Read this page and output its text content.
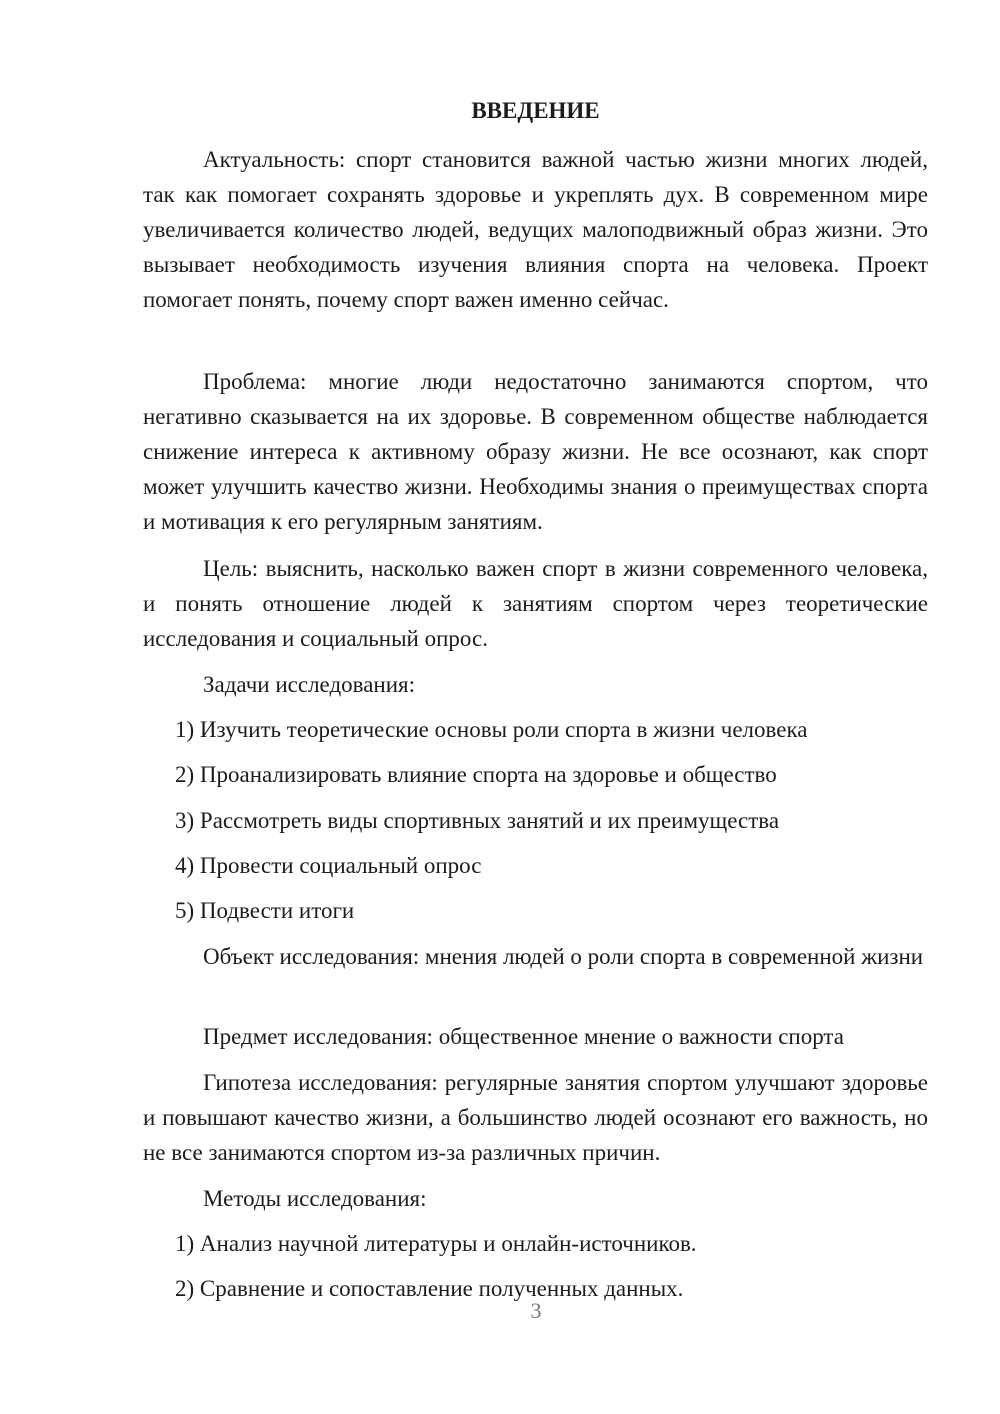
ВВЕДЕНИЕ

Актуальность: спорт становится важной частью жизни многих людей, так как помогает сохранять здоровье и укреплять дух. В современном мире увеличивается количество людей, ведущих малоподвижный образ жизни. Это вызывает необходимость изучения влияния спорта на человека. Проект помогает понять, почему спорт важен именно сейчас.

Проблема: многие люди недостаточно занимаются спортом, что негативно сказывается на их здоровье. В современном обществе наблюдается снижение интереса к активному образу жизни. Не все осознают, как спорт может улучшить качество жизни. Необходимы знания о преимуществах спорта и мотивация к его регулярным занятиям.

Цель: выяснить, насколько важен спорт в жизни современного человека, и понять отношение людей к занятиям спортом через теоретические исследования и социальный опрос.

Задачи исследования:
1) Изучить теоретические основы роли спорта в жизни человека
2) Проанализировать влияние спорта на здоровье и общество
3) Рассмотреть виды спортивных занятий и их преимущества
4) Провести социальный опрос
5) Подвести итоги

Объект исследования: мнения людей о роли спорта в современной жизни

Предмет исследования: общественное мнение о важности спорта

Гипотеза исследования: регулярные занятия спортом улучшают здоровье и повышают качество жизни, а большинство людей осознают его важность, но не все занимаются спортом из-за различных причин.

Методы исследования:
1) Анализ научной литературы и онлайн-источников.
2) Сравнение и сопоставление полученных данных.
3
